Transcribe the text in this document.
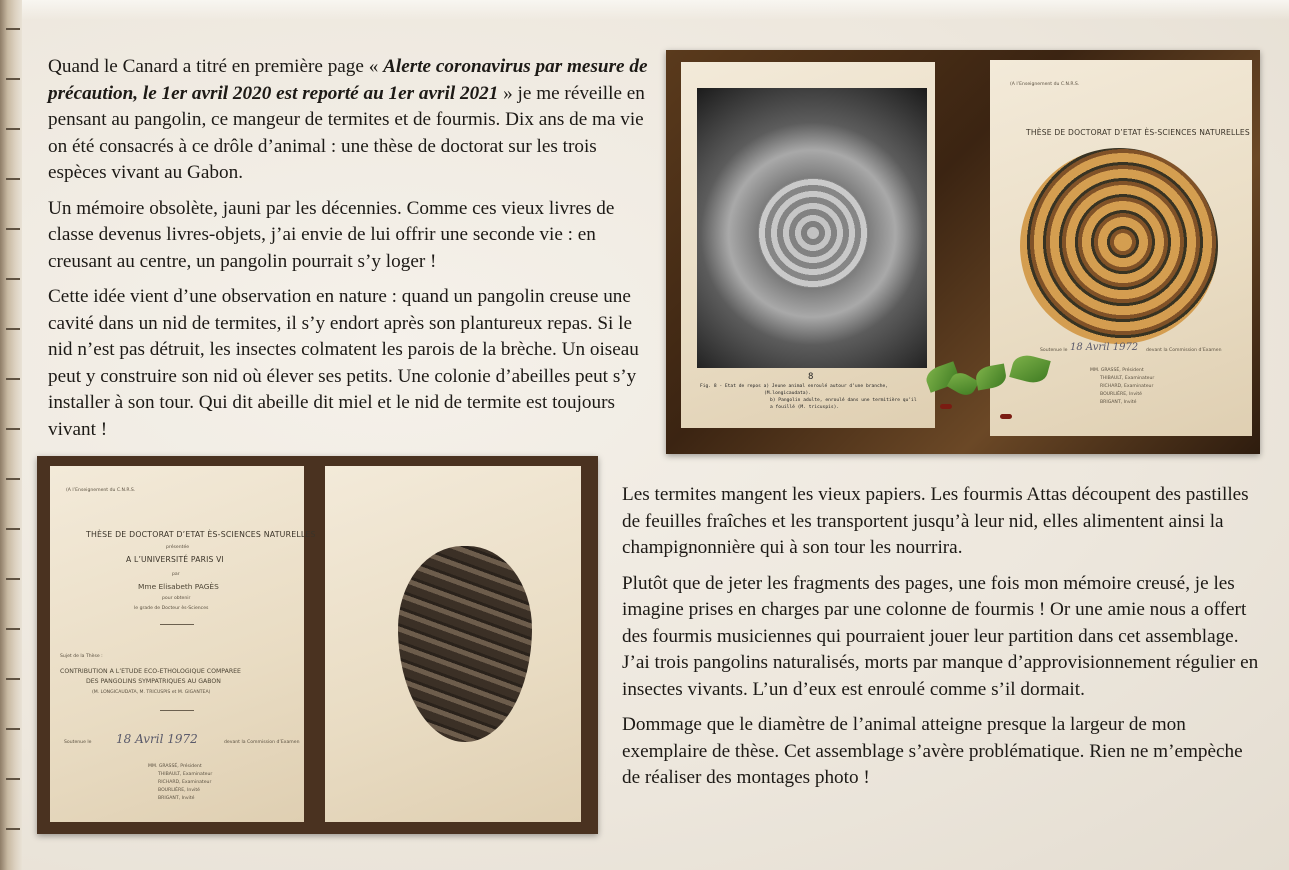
Quand le Canard a titré en première page « Alerte coronavirus par mesure de précaution, le 1er avril 2020 est reporté au 1er avril 2021 » je me réveille en pensant au pangolin, ce mangeur de termites et de fourmis. Dix ans de ma vie on été consacrés à ce drôle d’animal : une thèse de doctorat sur les trois espèces vivant au Gabon.

Un mémoire obsolète, jauni par les décennies. Comme ces vieux livres de classe devenus livres-objets, j’ai envie de lui offrir une seconde vie : en creusant au centre, un pangolin pourrait s’y loger !

Cette idée vient d’une observation en nature : quand un pangolin creuse une cavité dans un nid de termites, il s’y endort après son plantureux repas. Si le nid n’est pas détruit, les insectes colmatent les parois de la brèche. Un oiseau peut y construire son nid où élever ses petits. Une colonie d’abeilles peut s’y installer à son tour. Qui dit abeille dit miel et le nid de termite est toujours vivant !

8
Fig. 8 - Etat de repos a) Jeune animal enroulé autour d’une branche,
(M.longicaudata).
b) Pangolin adulte, enroulé dans une termitière qu’il
a fouillé (M. tricuspis).
(A l’Enseignement du C.N.R.S.
THÈSE DE DOCTORAT D’ETAT ÈS-SCIENCES NATURELLES
Soutenue le 18 Avril 1972 devant la Commission d’Examen
MM. GRASSÉ, Président
THIBAULT, Examinateur
RICHARD, Examinateur
BOURLIÈRE, Invité
BRIGANT, Invité
(A l’Enseignement du C.N.R.S.
THÈSE DE DOCTORAT D’ETAT ÈS-SCIENCES NATURELLES
présentée
A L’UNIVERSITÉ PARIS VI
par
Mme Elisabeth PAGÈS
pour obtenir
le grade de Docteur ès-Sciences
Sujet de la Thèse :
CONTRIBUTION A L’ETUDE ECO-ETHOLOGIQUE COMPAREE
DES PANGOLINS SYMPATRIQUES AU GABON
(M. LONGICAUDATA, M. TRICUSPIS et M. GIGANTEA)
Soutenue le 18 Avril 1972	devant la Commission d’Examen
MM. GRASSÉ, Président
THIBAULT, Examinateur
RICHARD, Examinateur
BOURLIÈRE, Invité
BRIGANT, Invité

Les termites mangent les vieux papiers. Les fourmis Attas découpent des pastilles de feuilles fraîches et les transportent jusqu’à leur nid, elles alimentent ainsi la champignonnière qui à son tour les nourrira.

Plutôt que de jeter les fragments des pages, une fois mon mémoire creusé, je les imagine prises en charges par une colonne de fourmis ! Or une amie nous a offert des fourmis musiciennes qui pourraient jouer leur partition dans cet assemblage. J’ai trois pangolins naturalisés, morts par manque d’approvisionnement régulier en insectes vivants. L’un d’eux est enroulé comme s’il dormait.

Dommage que le diamètre de l’animal atteigne presque la largeur de mon exemplaire de thèse. Cet assemblage s’avère problématique. Rien ne m’empèche de réaliser des montages photo !
